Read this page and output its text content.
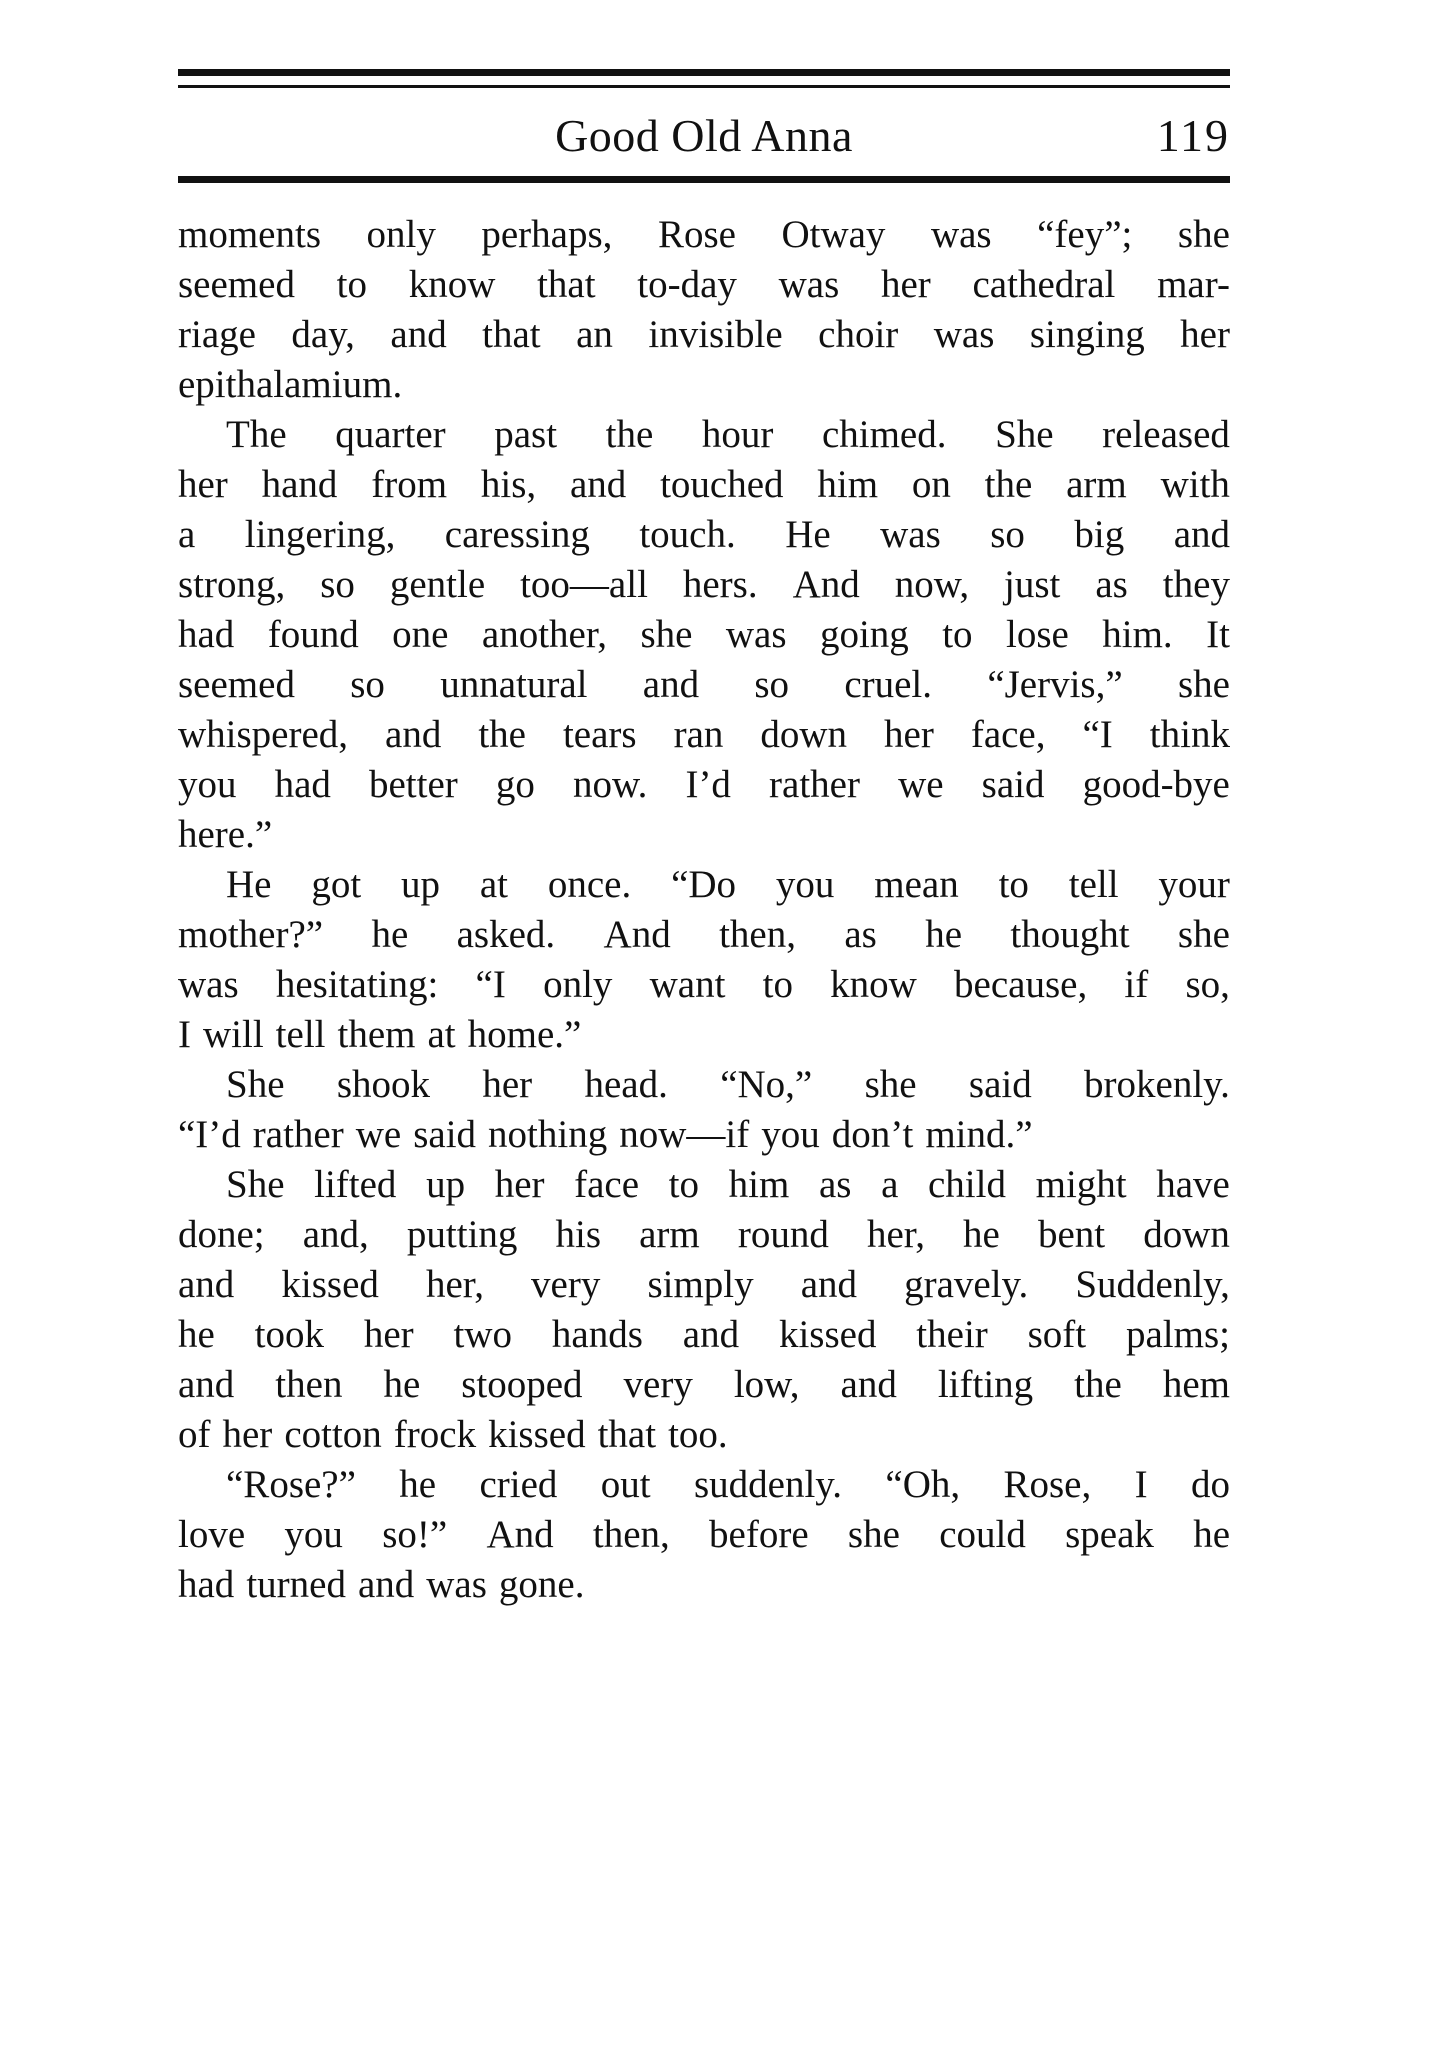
Good Old Anna	119
moments only perhaps, Rose Otway was “fey”; she
seemed to know that to-day was her cathedral mar-
riage day, and that an invisible choir was singing her
epithalamium.
The quarter past the hour chimed. She released
her hand from his, and touched him on the arm with
a lingering, caressing touch. He was so big and
strong, so gentle too—all hers. And now, just as they
had found one another, she was going to lose him. It
seemed so unnatural and so cruel. “Jervis,” she
whispered, and the tears ran down her face, “I think
you had better go now. I’d rather we said good-bye
here.”
He got up at once. “Do you mean to tell your
mother?” he asked. And then, as he thought she
was hesitating: “I only want to know because, if so,
I will tell them at home.”
She shook her head. “No,” she said brokenly.
“I’d rather we said nothing now—if you don’t mind.”
She lifted up her face to him as a child might have
done; and, putting his arm round her, he bent down
and kissed her, very simply and gravely. Suddenly,
he took her two hands and kissed their soft palms;
and then he stooped very low, and lifting the hem
of her cotton frock kissed that too.
“Rose?” he cried out suddenly. “Oh, Rose, I do
love you so!” And then, before she could speak he
had turned and was gone.
